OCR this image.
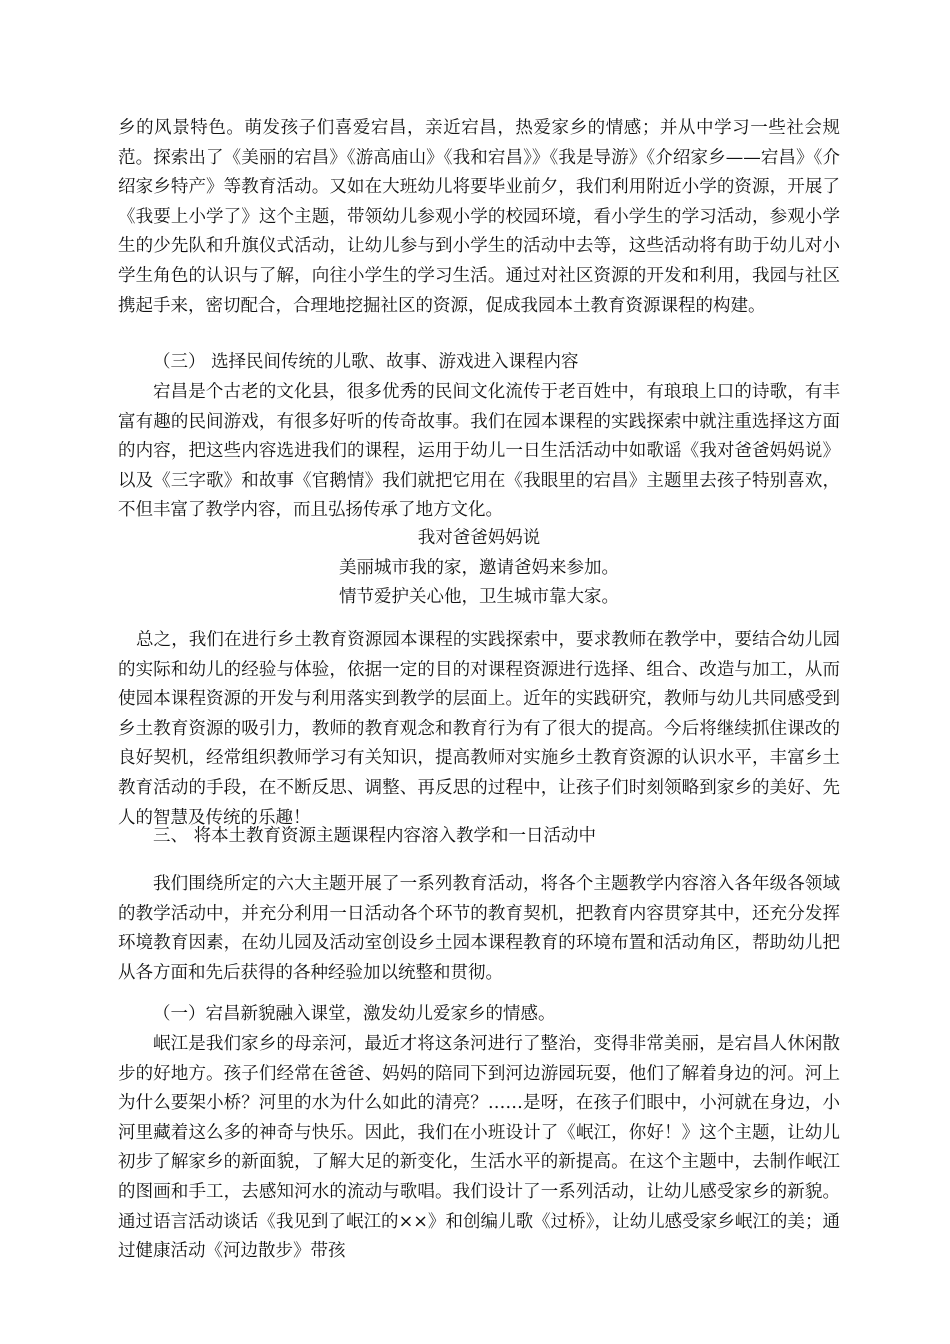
乡的风景特色。萌发孩子们喜爱宕昌，亲近宕昌，热爱家乡的情感；并从中学习一些社会规范。探索出了《美丽的宕昌》《游高庙山》《我和宕昌》》《我是导游》《介绍家乡——宕昌》《介绍家乡特产》等教育活动。又如在大班幼儿将要毕业前夕，我们利用附近小学的资源，开展了《我要上小学了》这个主题，带领幼儿参观小学的校园环境，看小学生的学习活动，参观小学生的少先队和升旗仪式活动，让幼儿参与到小学生的活动中去等，这些活动将有助于幼儿对小学生角色的认识与了解，向往小学生的学习生活。通过对社区资源的开发和利用，我园与社区携起手来，密切配合，合理地挖掘社区的资源，促成我园本土教育资源课程的构建。
（三） 选择民间传统的儿歌、故事、游戏进入课程内容
宕昌是个古老的文化县，很多优秀的民间文化流传于老百姓中，有琅琅上口的诗歌，有丰富有趣的民间游戏，有很多好听的传奇故事。我们在园本课程的实践探索中就注重选择这方面的内容，把这些内容选进我们的课程，运用于幼儿一日生活活动中如歌谣《我对爸爸妈妈说》以及《三字歌》和故事《官鹅情》我们就把它用在《我眼里的宕昌》主题里去孩子特别喜欢，不但丰富了教学内容，而且弘扬传承了地方文化。
我对爸爸妈妈说
美丽城市我的家，邀请爸妈来参加。
情节爱护关心他，卫生城市靠大家。
总之，我们在进行乡土教育资源园本课程的实践探索中，要求教师在教学中，要结合幼儿园的实际和幼儿的经验与体验，依据一定的目的对课程资源进行选择、组合、改造与加工，从而使园本课程资源的开发与利用落实到教学的层面上。近年的实践研究，教师与幼儿共同感受到乡土教育资源的吸引力，教师的教育观念和教育行为有了很大的提高。今后将继续抓住课改的良好契机，经常组织教师学习有关知识，提高教师对实施乡土教育资源的认识水平，丰富乡土教育活动的手段，在不断反思、调整、再反思的过程中，让孩子们时刻领略到家乡的美好、先人的智慧及传统的乐趣！
三、 将本土教育资源主题课程内容溶入教学和一日活动中
我们围绕所定的六大主题开展了一系列教育活动，将各个主题教学内容溶入各年级各领域的教学活动中，并充分利用一日活动各个环节的教育契机，把教育内容贯穿其中，还充分发挥环境教育因素，在幼儿园及活动室创设乡土园本课程教育的环境布置和活动角区，帮助幼儿把从各方面和先后获得的各种经验加以统整和贯彻。
（一）宕昌新貌融入课堂，激发幼儿爱家乡的情感。
岷江是我们家乡的母亲河，最近才将这条河进行了整治，变得非常美丽，是宕昌人休闲散步的好地方。孩子们经常在爸爸、妈妈的陪同下到河边游园玩耍，他们了解着身边的河。河上为什么要架小桥？河里的水为什么如此的清亮？……是呀，在孩子们眼中，小河就在身边，小河里藏着这么多的神奇与快乐。因此，我们在小班设计了《岷江，你好！》这个主题，让幼儿初步了解家乡的新面貌，了解大足的新变化，生活水平的新提高。在这个主题中，去制作岷江的图画和手工，去感知河水的流动与歌唱。我们设计了一系列活动，让幼儿感受家乡的新貌。通过语言活动谈话《我见到了岷江的××》和创编儿歌《过桥》，让幼儿感受家乡岷江的美；通过健康活动《河边散步》带孩
